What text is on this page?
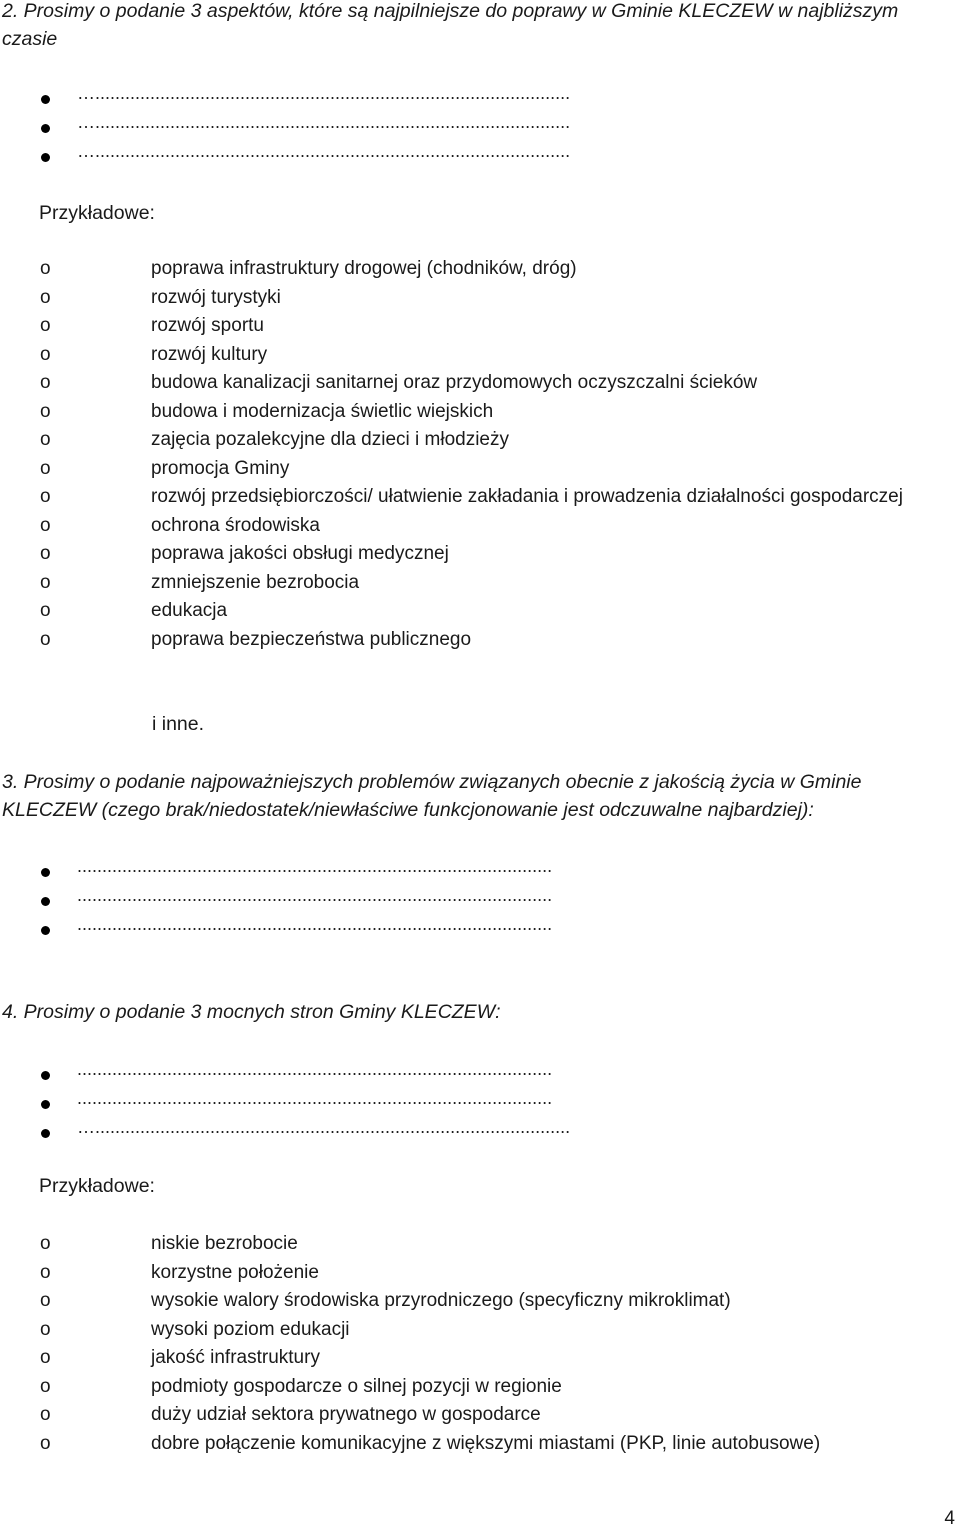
2. Prosimy o podanie 3 aspektów, które są najpilniejsze do poprawy w Gminie KLECZEW w najbliższym czasie

…...............................................................................................
…...............................................................................................
…...............................................................................................
Przykładowe:
o	poprawa infrastruktury drogowej (chodników, dróg)
o	rozwój turystyki
o	rozwój sportu
o	rozwój kultury
o	budowa kanalizacji sanitarnej oraz przydomowych oczyszczalni ścieków
o	budowa i modernizacja świetlic wiejskich
o	zajęcia pozalekcyjne dla dzieci i młodzieży
o	promocja Gminy
o	rozwój przedsiębiorczości/ ułatwienie zakładania i prowadzenia działalności gospodarczej
o	ochrona środowiska
o	poprawa jakości obsługi medycznej
o	zmniejszenie bezrobocia
o	edukacja
o	poprawa bezpieczeństwa publicznego
i inne.

3. Prosimy o podanie najpoważniejszych problemów związanych obecnie z jakością życia w Gminie KLECZEW (czego brak/niedostatek/niewłaściwe funkcjonowanie jest odczuwalne najbardziej):

...............................................................................................
...............................................................................................
...............................................................................................

4. Prosimy o podanie 3 mocnych stron Gminy KLECZEW:

...............................................................................................
...............................................................................................
…...............................................................................................
Przykładowe:
o	niskie bezrobocie
o	korzystne położenie
o	wysokie walory środowiska przyrodniczego (specyficzny mikroklimat)
o	wysoki poziom edukacji
o	jakość infrastruktury
o	podmioty gospodarcze o silnej pozycji w regionie
o	duży udział sektora prywatnego w gospodarce
o	dobre połączenie komunikacyjne z większymi miastami (PKP, linie autobusowe)
4
